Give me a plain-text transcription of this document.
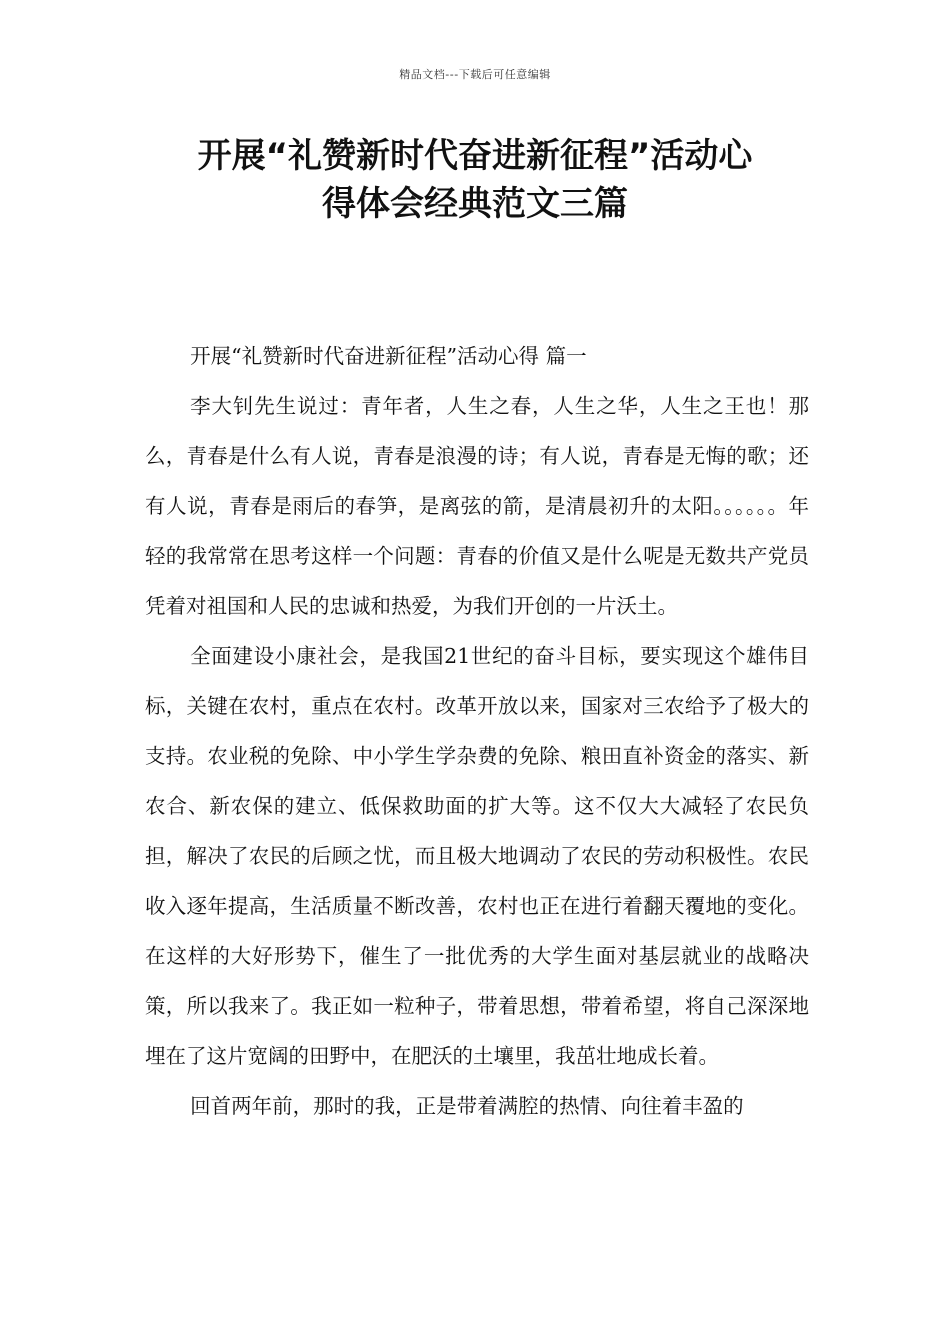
精品文档---下载后可任意编辑
开展“礼赞新时代奋进新征程”活动心
得体会经典范文三篇

开展“礼赞新时代奋进新征程”活动心得 篇一

李大钊先生说过：青年者，人生之春，人生之华，人生之王也！那么，青春是什么有人说，青春是浪漫的诗；有人说，青春是无悔的歌；还有人说，青春是雨后的春笋，是离弦的箭，是清晨初升的太阳。。。。。。年轻的我常常在思考这样一个问题：青春的价值又是什么呢是无数共产党员凭着对祖国和人民的忠诚和热爱，为我们开创的一片沃土。

全面建设小康社会，是我国21世纪的奋斗目标，要实现这个雄伟目标，关键在农村，重点在农村。改革开放以来，国家对三农给予了极大的支持。农业税的免除、中小学生学杂费的免除、粮田直补资金的落实、新农合、新农保的建立、低保救助面的扩大等。这不仅大大减轻了农民负担，解决了农民的后顾之忧，而且极大地调动了农民的劳动积极性。农民收入逐年提高，生活质量不断改善，农村也正在进行着翻天覆地的变化。在这样的大好形势下，催生了一批优秀的大学生面对基层就业的战略决策，所以我来了。我正如一粒种子，带着思想，带着希望，将自己深深地埋在了这片宽阔的田野中，在肥沃的土壤里，我茁壮地成长着。

回首两年前，那时的我，正是带着满腔的热情、向往着丰盈的
